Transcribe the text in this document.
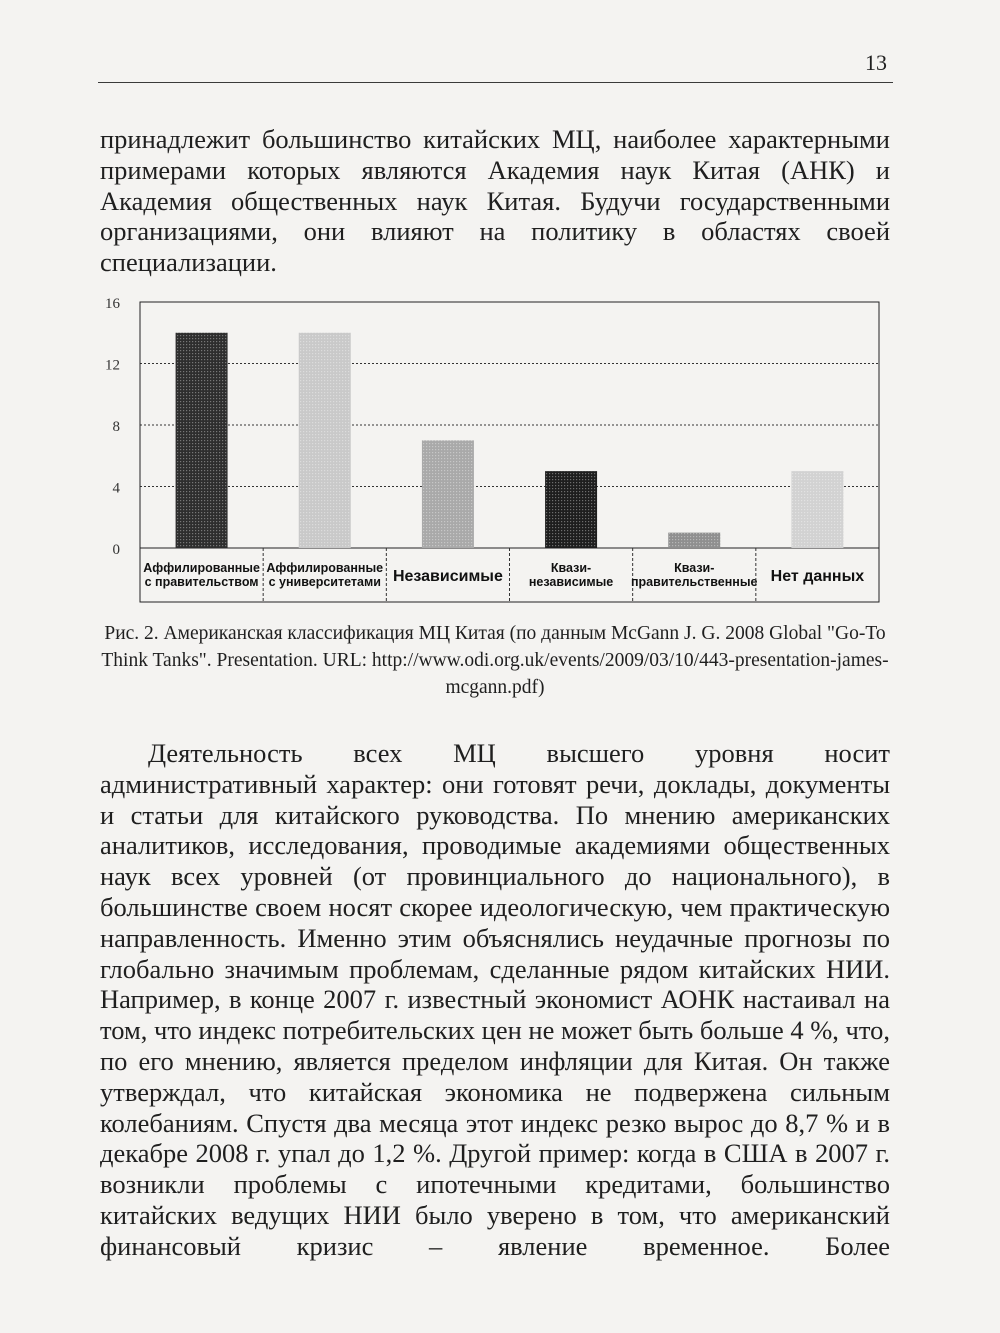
13

принадлежит большинство китайских МЦ, наиболее характерными примерами которых являются Академия наук Китая (АНК) и Академия общественных наук Китая. Будучи государственными организациями, они влияют на политику в областях своей специализации.

0
4
8
12
16
Аффилированные
с правительством
Аффилированные
с университетами Независимые	Квази-
независимые
Квази-
правительственные Нет данных

Рис. 2. Американская классификация МЦ Китая (по данным McGann J. G. 2008 Global "Go-To Think Tanks". Presentation. URL: http://www.odi.org.uk/events/2009/03/10/443-presentation-james-mcgann.pdf)

Деятельность всех МЦ высшего уровня носит административный характер: они готовят речи, доклады, документы и статьи для китайского руководства. По мнению американских аналитиков, исследования, проводимые академиями общественных наук всех уровней (от провинциального до национального), в большинстве своем носят скорее идеологическую, чем практическую направленность. Именно этим объяснялись неудачные прогнозы по глобально значимым проблемам, сделанные рядом китайских НИИ. Например, в конце 2007 г. известный экономист АОНК настаивал на том, что индекс потребительских цен не может быть больше 4 %, что, по его мнению, является пределом инфляции для Китая. Он также утверждал, что китайская экономика не подвержена сильным колебаниям. Спустя два месяца этот индекс резко вырос до 8,7 % и в декабре 2008 г. упал до 1,2 %. Другой пример: когда в США в 2007 г. возникли проблемы с ипотечными кредитами, большинство китайских ведущих НИИ было уверено в том, что американский финансовый кризис – явление временное. Более
